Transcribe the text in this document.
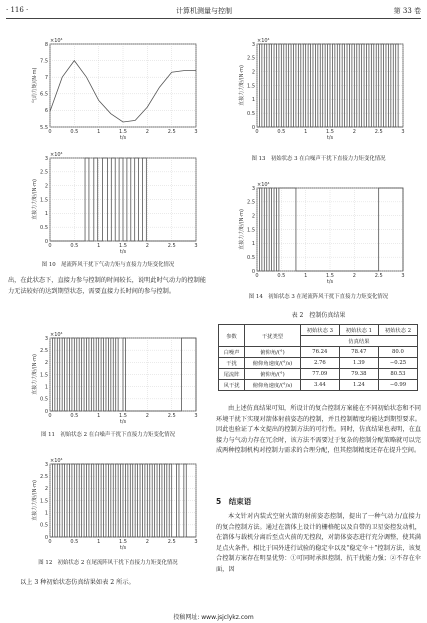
· 116 ·	计算机测量与控制	第 33 卷
5.5
6
6.5
7
7.5
8
0	0.5	1	1.5	2	2.5	3
×10⁴
t/s
气动力矩/(N·m)
0
0.5
1
1.5
2
2.5
3
0	0.5	1	1.5	2	2.5	3
×10⁴
t/s
直接力力矩/(N·m)
图 10　尾流阵风干扰下气动力矩与直接力力矩变化情况

出，在此状态下，直接力参与控制的时间较长，说明此时气动力的控制能力无法较好的达到期望状态，需要直接力长时间的参与控制。

0
0.5
1
1.5
2
2.5
3
0	0.5	1	1.5	2	2.5	3
×10⁴
t/s
直接力力矩/(N·m)
图 11　初始状态 2 在白噪声干扰下直接力力矩变化情况
0
0.5
1
1.5
2
2.5
3
0	0.5	1	1.5	2	2.5	3
×10⁴
t/s
直接力力矩/(N·m)
图 12　初始状态 2 在尾流阵风干扰下直接力力矩变化情况

以上 3 种初始状态仿真结果如表 2 所示。

0
0.5
1
1.5
2
2.5
3
0	0.5	1	1.5	2	2.5	3
×10⁴
t/s
直接力力矩/(N·m)
图 13　初始状态 3 在白噪声干扰下直接力力矩变化情况
0
0.5
1
1.5
2
2.5
3
0	0.5	1	1.5	2	2.5	3
×10⁴
t/s
直接力力矩/(N·m)
图 14　初始状态 3 在尾流阵风干扰下直接力力矩变化情况
表 2　控制仿真结果
参数	干扰类型	初始状态 3	初始状态 1	初始状态 2
		仿真结果		
白噪声	俯仰角/(°)	76.24	78.47	80.0
干扰	俯仰角速度/(°/s)	2.76	1.39	−0.25
尾流阵	俯仰角/(°)	77.09	79.38	80.53
风干扰	俯仰角速度/(°/s)	3.44	1.24	−0.99

由上述仿真结果可知，所设计的复合控制方案能在不同初始状态和不同环境干扰下实现对箭体射前姿态的控制，并且控制精度均能达到期望要求。因此也验证了本文提出的控制方法的可行性。同时，仿真结果也表明，在直接力与气动力存在冗余时，该方法不需要过于复杂的控制分配策略就可以完成两种控制机构对控制力需求的合理分配，但其控制精度还存在提升空间。

5　结束语

本文针对内装式空射火箭的射前姿态控制，提出了一种气动力/直接力的复合控制方法。通过在箭体上设计的栅格舵以及自带的卫星姿控发动机，在箭体与载机分离后至点火前的无控段，对箭体姿态进行充分调整，使其满足点火条件。相比于国外进行试验的稳定伞以及“稳定伞＋”控制方法，该复合控制方案存在明显优势：①可同时承担控制、抗干扰能力强；②不存在伞面，因

投稿网址: www.jsjclykz.com
